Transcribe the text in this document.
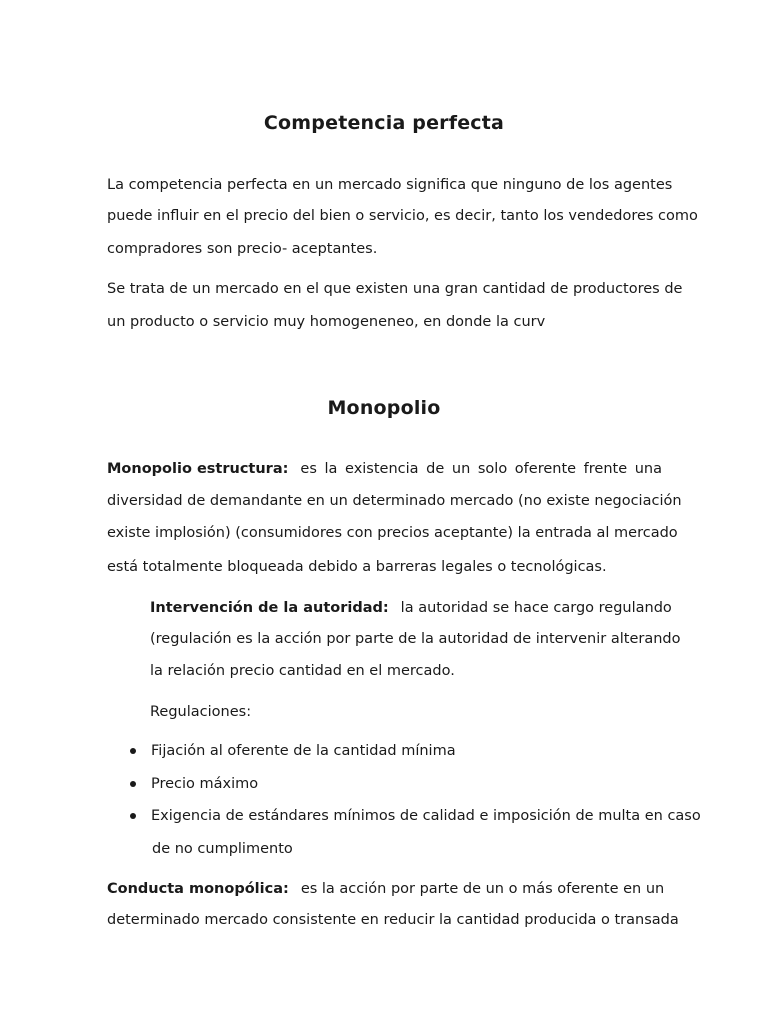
Competencia perfecta
La competencia perfecta en un mercado significa que ninguno de los agentes
puede influir en el precio del bien o servicio, es decir, tanto los vendedores como
compradores son precio- aceptantes.
Se trata de un mercado en el que existen una gran cantidad de productores de
un producto o servicio muy homogeneneo, en donde la curv
Monopolio
Monopolio estructura: es la existencia de un solo oferente frente una
diversidad de demandante en un determinado mercado (no existe negociación
existe implosión) (consumidores con precios aceptante) la entrada al mercado
está totalmente bloqueada debido a barreras legales o tecnológicas.
Intervención de la autoridad: la autoridad se hace cargo regulando
(regulación es la acción por parte de la autoridad de intervenir alterando
la relación precio cantidad en el mercado.
Regulaciones:
Fijación al oferente de la cantidad mínima
Precio máximo
Exigencia de estándares mínimos de calidad e imposición de multa en caso
de no cumplimento
Conducta monopólica: es la acción por parte de un o más oferente en un
determinado mercado consistente en reducir la cantidad producida o transada
